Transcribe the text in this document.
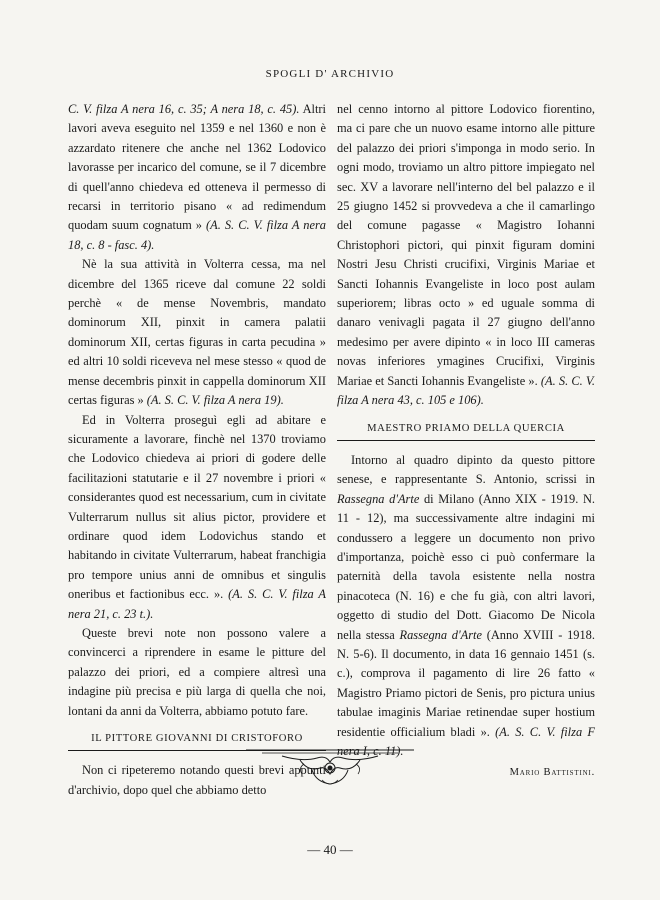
SPOGLI D' ARCHIVIO

C. V. filza A nera 16, c. 35; A nera 18, c. 45). Altri lavori aveva eseguito nel 1359 e nel 1360 e non è azzardato ritenere che anche nel 1362 Lodovico lavorasse per incarico del comune, se il 7 dicembre di quell'anno chiedeva ed otteneva il permesso di recarsi in territorio pisano « ad redimendum quodam suum cognatum » (A. S. C. V. filza A nera 18, c. 8 - fasc. 4).

Nè la sua attività in Volterra cessa, ma nel dicembre del 1365 riceve dal comune 22 soldi perchè « de mense Novembris, mandato dominorum XII, pinxit in camera palatii dominorum XII, certas figuras in carta pecudina » ed altri 10 soldi riceveva nel mese stesso « quod de mense decembris pinxit in cappella dominorum XII certas figuras » (A. S. C. V. filza A nera 19).

Ed in Volterra proseguì egli ad abitare e sicuramente a lavorare, finchè nel 1370 troviamo che Lodovico chiedeva ai priori di godere delle facilitazioni statutarie e il 27 novembre i priori « considerantes quod est necessarium, cum in civitate Vulterrarum nullus sit alius pictor, providere et ordinare quod idem Lodovichus stando et habitando in civitate Vulterrarum, habeat franchigia pro tempore unius anni de omnibus et singulis oneribus et factionibus ecc. ». (A. S. C. V. filza A nera 21, c. 23 t.).

Queste brevi note non possono valere a convincerci a riprendere in esame le pitture del palazzo dei priori, ed a compiere altresì una indagine più precisa e più larga di quella che noi, lontani da anni da Volterra, abbiamo potuto fare.

IL PITTORE GIOVANNI DI CRISTOFORO

Non ci ripeteremo notando questi brevi appunti d'archivio, dopo quel che abbiamo detto

nel cenno intorno al pittore Lodovico fiorentino, ma ci pare che un nuovo esame intorno alle pitture del palazzo dei priori s'imponga in modo serio. In ogni modo, troviamo un altro pittore impiegato nel sec. XV a lavorare nell'interno del bel palazzo e il 25 giugno 1452 si provvedeva a che il camarlingo del comune pagasse « Magistro Iohanni Christophori pictori, qui pinxit figuram domini Nostri Jesu Christi crucifixi, Virginis Mariae et Sancti Iohannis Evangeliste in loco post aulam superiorem; libras octo » ed uguale somma di danaro venivagli pagata il 27 giugno dell'anno medesimo per avere dipinto « in loco III cameras novas inferiores ymagines Crucifixi, Virginis Mariae et Sancti Iohannis Evangeliste ». (A. S. C. V. filza A nera 43, c. 105 e 106).

MAESTRO PRIAMO DELLA QUERCIA

Intorno al quadro dipinto da questo pittore senese, e rappresentante S. Antonio, scrissi in Rassegna d'Arte di Milano (Anno XIX - 1919. N. 11 - 12), ma successivamente altre indagini mi condussero a leggere un documento non privo d'importanza, poichè esso ci può confermare la paternità della tavola esistente nella nostra pinacoteca (N. 16) e che fu già, con altri lavori, oggetto di studio del Dott. Giacomo De Nicola nella stessa Rassegna d'Arte (Anno XVIII - 1918. N. 5-6). Il documento, in data 16 gennaio 1451 (s. c.), comprova il pagamento di lire 26 fatto « Magistro Priamo pictori de Senis, pro pictura unius tabulae imaginis Mariae retinendae super hostium residentie officialium bladi ». (A. S. C. V. filza F nera I, c. 11).

Mario Battistini.
— 40 —
